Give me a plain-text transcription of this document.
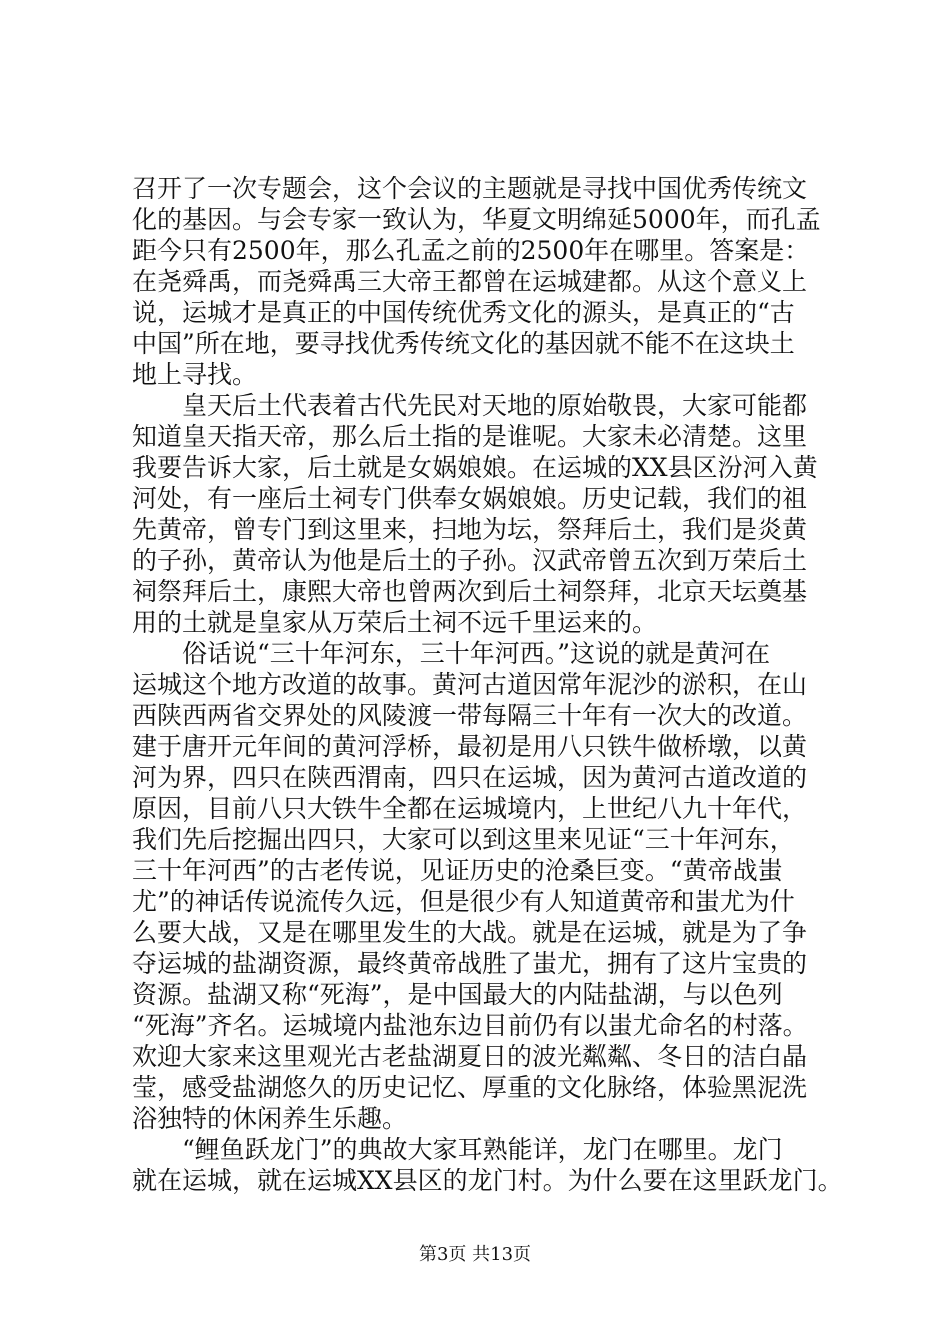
召开了一次专题会，这个会议的主题就是寻找中国优秀传统文
化的基因。与会专家一致认为，华夏文明绵延5000年，而孔孟
距今只有2500年，那么孔孟之前的2500年在哪里。答案是：
在尧舜禹，而尧舜禹三大帝王都曾在运城建都。从这个意义上
说，运城才是真正的中国传统优秀文化的源头，是真正的“古
中国”所在地，要寻找优秀传统文化的基因就不能不在这块土
地上寻找。
　　皇天后土代表着古代先民对天地的原始敬畏，大家可能都
知道皇天指天帝，那么后土指的是谁呢。大家未必清楚。这里
我要告诉大家，后土就是女娲娘娘。在运城的XX县区汾河入黄
河处，有一座后土祠专门供奉女娲娘娘。历史记载，我们的祖
先黄帝，曾专门到这里来，扫地为坛，祭拜后土，我们是炎黄
的子孙，黄帝认为他是后土的子孙。汉武帝曾五次到万荣后土
祠祭拜后土，康熙大帝也曾两次到后土祠祭拜，北京天坛奠基
用的土就是皇家从万荣后土祠不远千里运来的。
　　俗话说“三十年河东，三十年河西。”这说的就是黄河在
运城这个地方改道的故事。黄河古道因常年泥沙的淤积，在山
西陕西两省交界处的风陵渡一带每隔三十年有一次大的改道。
建于唐开元年间的黄河浮桥，最初是用八只铁牛做桥墩，以黄
河为界，四只在陕西渭南，四只在运城，因为黄河古道改道的
原因，目前八只大铁牛全都在运城境内，上世纪八九十年代，
我们先后挖掘出四只，大家可以到这里来见证“三十年河东，
三十年河西”的古老传说，见证历史的沧桑巨变。“黄帝战蚩
尤”的神话传说流传久远，但是很少有人知道黄帝和蚩尤为什
么要大战，又是在哪里发生的大战。就是在运城，就是为了争
夺运城的盐湖资源，最终黄帝战胜了蚩尤，拥有了这片宝贵的
资源。盐湖又称“死海”，是中国最大的内陆盐湖，与以色列
“死海”齐名。运城境内盐池东边目前仍有以蚩尤命名的村落。
欢迎大家来这里观光古老盐湖夏日的波光粼粼、冬日的洁白晶
莹，感受盐湖悠久的历史记忆、厚重的文化脉络，体验黑泥洗
浴独特的休闲养生乐趣。
　　“鲤鱼跃龙门”的典故大家耳熟能详，龙门在哪里。龙门
就在运城，就在运城XX县区的龙门村。为什么要在这里跃龙门。
第3页 共13页
